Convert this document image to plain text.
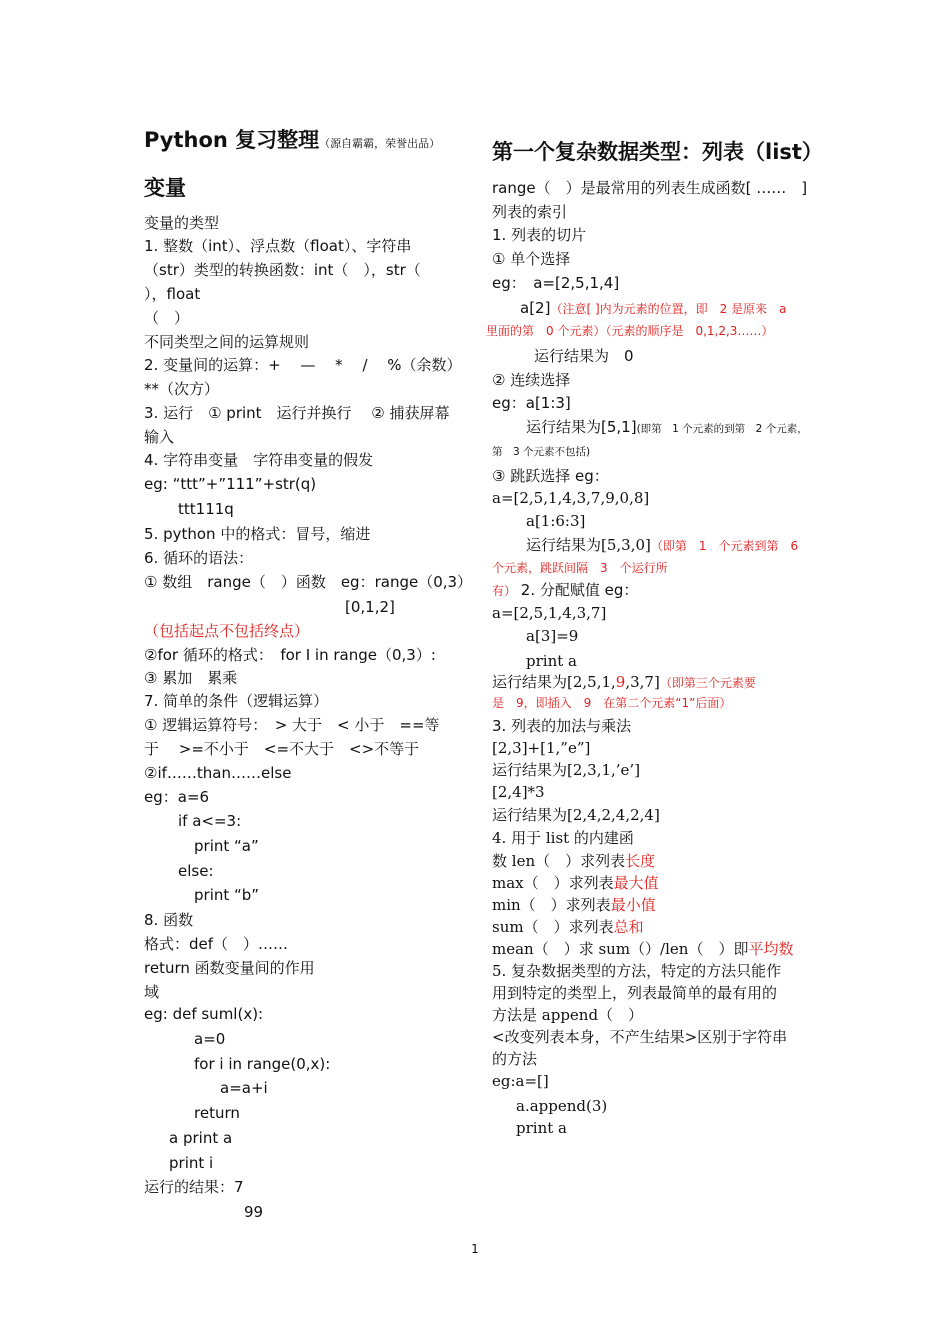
Python 复习整理（源自霸霸，荣誉出品）
变量
变量的类型
1. 整数（int）、浮点数（float）、字符串
（str）类型的转换函数：int（　），str（
），float
（　）
不同类型之间的运算规则
2. 变量间的运算：+　 —　 *　 /　 %（余数）
**（次方）
3. 运行　① print　运行并换行　 ② 捕获屏幕
输入
4. 字符串变量　字符串变量的假发
eg: “ttt”+”111”+str(q)
ttt111q
5. python 中的格式：冒号，缩进
6. 循环的语法：
① 数组　range（　）函数　eg：range（0,3）
[0,1,2]
（包括起点不包括终点）
②for 循环的格式：　for I in range（0,3）:
③ 累加　累乘
7. 简单的条件（逻辑运算）
① 逻辑运算符号：　> 大于　< 小于　==等
于　 >=不小于　<=不大于　<>不等于
②if……than……else
eg：a=6
if a<=3:
print “a”
else:
print “b”
8. 函数
格式：def（　）……
return 函数变量间的作用
域
eg: def suml(x):
a=0
for i in range(0,x):
a=a+i
return
a print a
print i
运行的结果：7
99
第一个复杂数据类型：列表（list）
range（　）是最常用的列表生成函数[ ……　]
列表的索引
1. 列表的切片
① 单个选择
eg：　a=[2,5,1,4]
a[2]（注意[ ]内为元素的位置，即　2 是原来　a
里面的第　0 个元素）（元素的顺序是　0,1,2,3……）
运行结果为　0
② 连续选择
eg：a[1:3]
运行结果为[5,1](即第　1 个元素的到第　2 个元素，
第　3 个元素不包括)
③ 跳跃选择 eg：
a=[2,5,1,4,3,7,9,0,8]
a[1:6:3]
运行结果为[5,3,0]（即第　1　个元素到第　6
个元素，跳跃间隔　3　个运行所
有） 2. 分配赋值 eg：
a=[2,5,1,4,3,7]
a[3]=9
print a
运行结果为[2,5,1,9,3,7]（即第三个元素要
是　9，即插入　9　在第二个元素“1”后面）
3. 列表的加法与乘法
[2,3]+[1,”e”]
运行结果为[2,3,1,’e’]
[2,4]*3
运行结果为[2,4,2,4,2,4]
4. 用于 list 的内建函
数 len（　）求列表长度
max（　）求列表最大值
min（　）求列表最小值
sum（　）求列表总和
mean（　）求 sum（）/len（　）即平均数
5. 复杂数据类型的方法，特定的方法只能作
用到特定的类型上，列表最简单的最有用的
方法是 append（　）
<改变列表本身，不产生结果>区别于字符串
的方法
eg:a=[]
a.append(3)
print a
1
